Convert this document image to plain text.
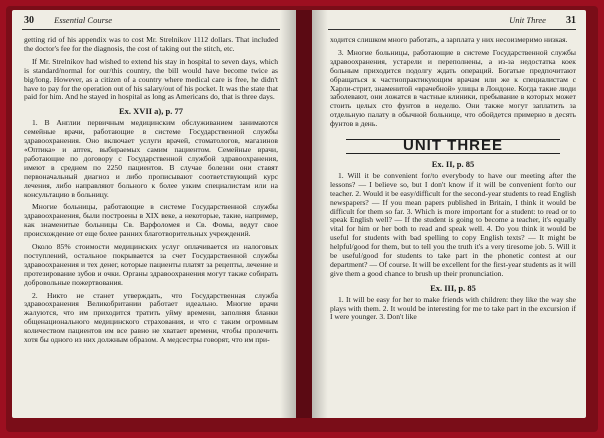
30 Essential Course

getting rid of his appendix was to cost Mr. Strelnikov 1112 dollars. That included the doctor's fee for the diagnosis, the cost of taking out the stitch, etc.

If Mr. Strelnikov had wished to extend his stay in hospital to seven days, which is standard/normal for our/this country, the bill would have become twice as big/long. However, as a citizen of a country where medical care is free, he didn't have to pay for the operation out of his salary/out of his pocket. It was the state that paid for him. And he stayed in hospital as long as Americans do, that is three days.

Ex. XVII a), p. 77

1. В Англии первичным медицинским обслуживанием занимаются семейные врачи, работающие в системе Государственной службы здравоохранения. Оно включает услуги врачей, стоматологов, магазинов «Оптика» и аптек, выбираемых самим пациентом. Семейные врачи, работающие по договору с Государственной службой здравоохранения, имеют в среднем по 2250 пациентов. В случае болезни они ставят первоначальный диагноз и либо прописывают соответствующий курс лечения, либо направляют больного к более узким специалистам или на консультацию в больницу.

Многие больницы, работающие в системе Государственной службы здравоохранения, были построены в XIX веке, а некоторые, такие, например, как знаменитые больницы Св. Варфоломея и Св. Фомы, ведут свое происхождение от еще более ранних благотворительных учреждений.

Около 85% стоимости медицинских услуг оплачивается из налоговых поступлений, остальное покрывается за счет Государственной службы здравоохранения и тех денег, которые пациенты платят за рецепты, лечение и протезирование зубов и очки. Органы здравоохранения могут также собирать добровольные пожертвования.

2. Никто не станет утверждать, что Государственная служба здравоохранения Великобритании работает идеально. Многие врачи жалуются, что им приходится тратить уйму времени, заполняя бланки общенационального медицинского страхования, и что с таким огромным количеством пациентов им все равно не хватает времени, чтобы пролечить хотя бы одного из них должным образом. А медсестры говорят, что им при-

Unit Three 31

ходится слишком много работать, а зарплата у них несоизмеримо низкая.

3. Многие больницы, работающие в системе Государственной службы здравоохранения, устарели и переполнены, а из-за недостатка коек больным приходится подолгу ждать операций. Богатые предпочитают обращаться к частнопрактикующим врачам или же к специалистам с Харли-стрит, знаменитой «врачебной» улицы в Лондоне. Когда такие люди заболевают, они ложатся в частные клиники, пребывание в которых может стоить целых сто фунтов в неделю. Они также могут заплатить за отдельную палату в обычной больнице, что обойдется примерно в десять фунтов в день.

UNIT THREE
Ex. II, p. 85

1. Will it be convenient for/to everybody to have our meeting after the lessons? — I believe so, but I don't know if it will be convenient for/to our teacher. 2. Would it be easy/difficult for the second-year students to read English newspapers? — If you mean papers published in Britain, I think it would be difficult for them so far. 3. Which is more important for a student: to read or to speak English well? — If the student is going to become a teacher, it's equally vital for him or her both to read and speak well. 4. Do you think it would be useful for students with bad spelling to copy English texts? — It might be helpful/good for them, but to tell you the truth it's a very tiresome job. 5. Will it be useful/good for students to take part in the phonetic contest at our department? — Of course. It will be excellent for the first-year students as it will give them a good chance to brush up their pronunciation.

Ex. III, p. 85

1. It will be easy for her to make friends with children: they like the way she plays with them. 2. It would be interesting for me to take part in the excursion if I were younger. 3. Don't like
